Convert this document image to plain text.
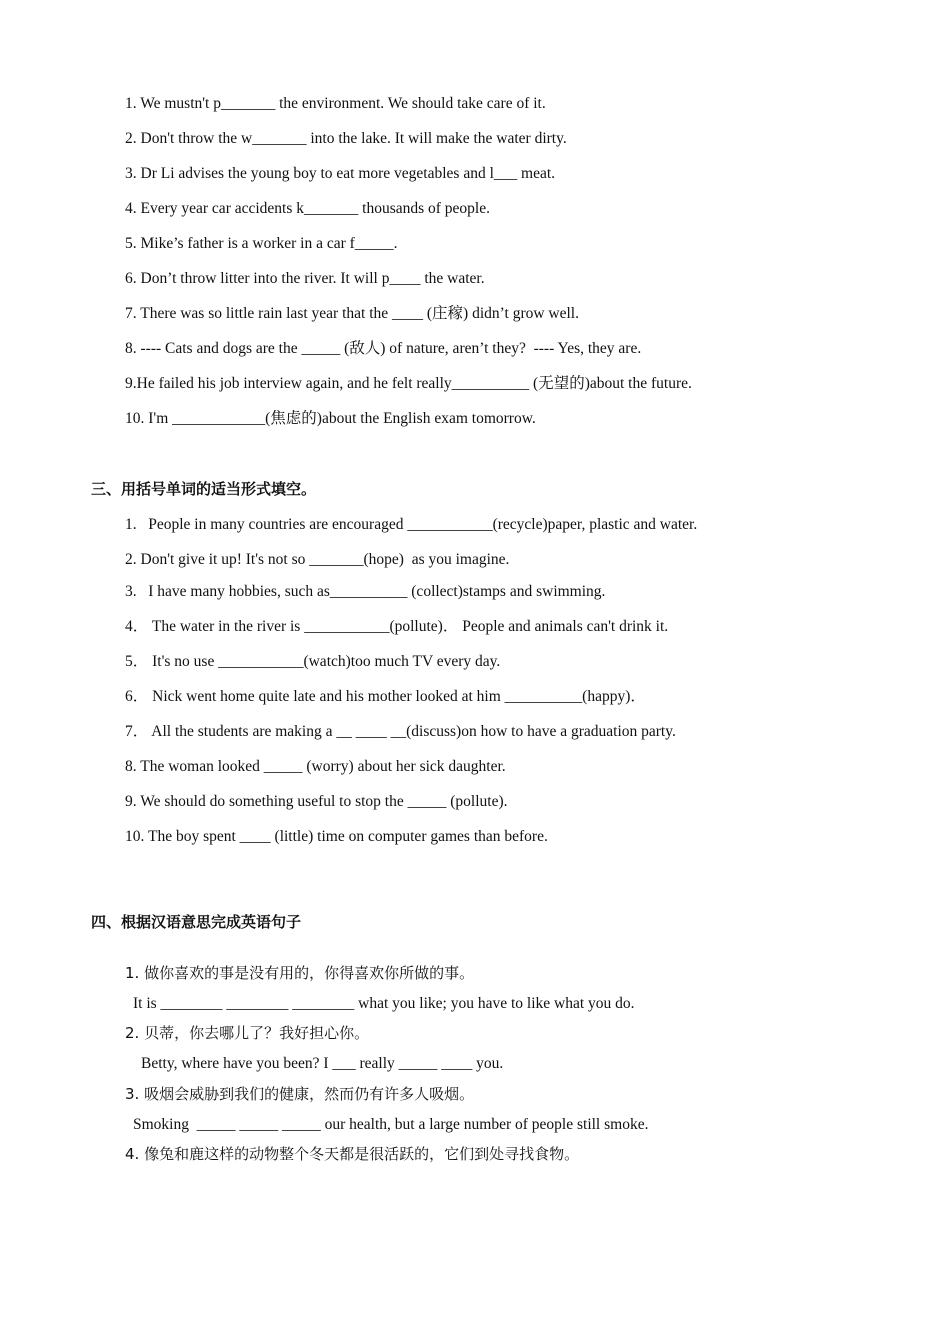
1. We mustn't p_______ the environment. We should take care of it.
2. Don't throw the w_______ into the lake. It will make the water dirty.
3. Dr Li advises the young boy to eat more vegetables and l___ meat.
4. Every year car accidents k_______ thousands of people.
5. Mike’s father is a worker in a car f_____.
6. Don’t throw litter into the river. It will p____ the water.
7. There was so little rain last year that the ____ (庄稼) didn’t grow well.
8. ---- Cats and dogs are the _____ (敌人) of nature, aren’t they?  ---- Yes, they are.
9.He failed his job interview again, and he felt really__________ (无望的)about the future.
10. I'm ____________(焦虑的)about the English exam tomorrow.
三、用括号单词的适当形式填空。
1.   People in many countries are encouraged ___________(recycle)paper, plastic and water.
2. Don't give it up! It's not so _______(hope)  as you imagine.
3.   I have many hobbies, such as__________ (collect)stamps and swimming.
4． The water in the river is ___________(pollute)． People and animals can't drink it.
5． It's no use ___________(watch)too much TV every day.
6． Nick went home quite late and his mother looked at him __________(happy)．
7． All the students are making a __ ____ __(discuss)on how to have a graduation party.
8. The woman looked _____ (worry) about her sick daughter.
9. We should do something useful to stop the _____ (pollute).
10. The boy spent ____ (little) time on computer games than before.
四、根据汉语意思完成英语句子
1. 做你喜欢的事是没有用的，你得喜欢你所做的事。
It is ________ ________ ________ what you like; you have to like what you do.
2. 贝蒂，你去哪儿了？我好担心你。
Betty, where have you been? I ___ really _____ ____ you.
3. 吸烟会威胁到我们的健康，然而仍有许多人吸烟。
Smoking  _____ _____ _____ our health, but a large number of people still smoke.
4. 像兔和鹿这样的动物整个冬天都是很活跃的，它们到处寻找食物。
